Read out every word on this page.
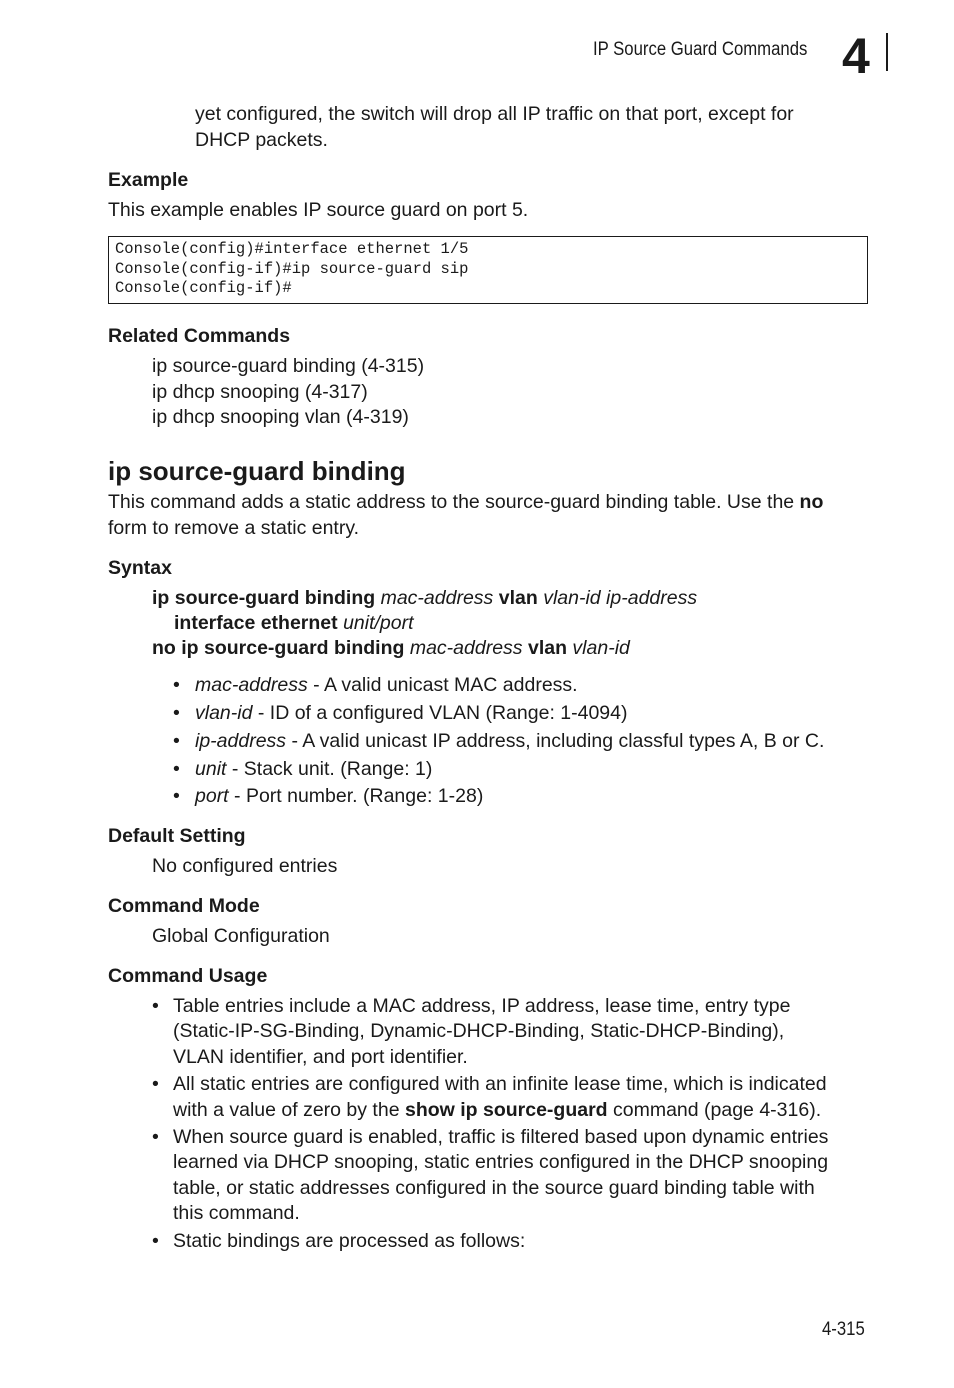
IP Source Guard Commands 4
yet configured, the switch will drop all IP traffic on that port, except for
DHCP packets.
Example
This example enables IP source guard on port 5.
Console(config)#interface ethernet 1/5
Console(config-if)#ip source-guard sip
Console(config-if)#
Related Commands
ip source-guard binding (4-315)
ip dhcp snooping (4-317)
ip dhcp snooping vlan (4-319)
ip source-guard binding
This command adds a static address to the source-guard binding table. Use the no
form to remove a static entry.
Syntax
ip source-guard binding mac-address vlan vlan-id ip-address
interface ethernet unit/port
no ip source-guard binding mac-address vlan vlan-id
• mac-address - A valid unicast MAC address.
• vlan-id - ID of a configured VLAN (Range: 1-4094)
• ip-address - A valid unicast IP address, including classful types A, B or C.
• unit - Stack unit. (Range: 1)
• port - Port number. (Range: 1-28)
Default Setting
No configured entries
Command Mode
Global Configuration
Command Usage
• Table entries include a MAC address, IP address, lease time, entry type
(Static-IP-SG-Binding, Dynamic-DHCP-Binding, Static-DHCP-Binding),
VLAN identifier, and port identifier.
• All static entries are configured with an infinite lease time, which is indicated
with a value of zero by the show ip source-guard command (page 4-316).
• When source guard is enabled, traffic is filtered based upon dynamic entries
learned via DHCP snooping, static entries configured in the DHCP snooping
table, or static addresses configured in the source guard binding table with
this command.
• Static bindings are processed as follows:
4-315
